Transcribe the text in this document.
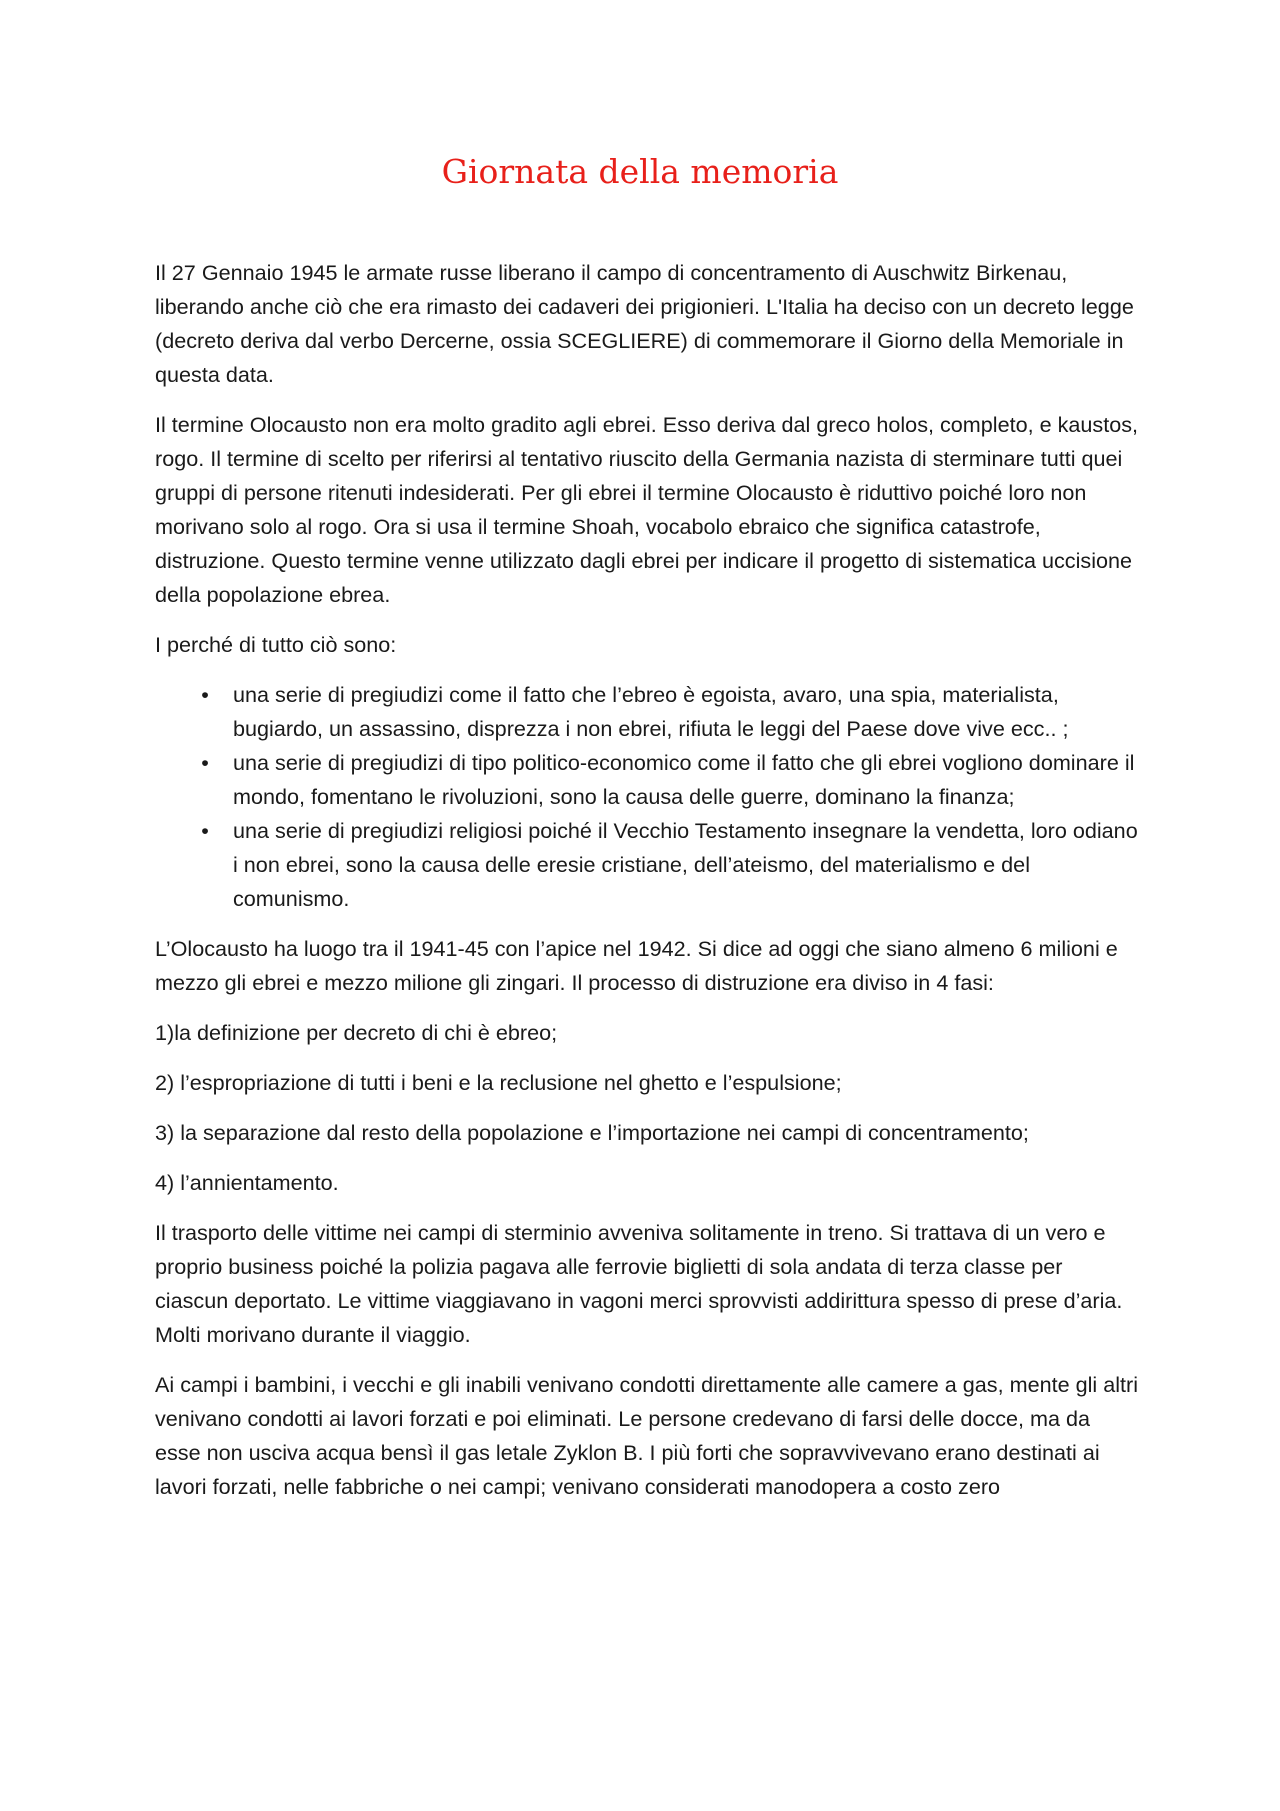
Giornata della memoria

Il 27 Gennaio 1945 le armate russe liberano il campo di concentramento di Auschwitz Birkenau, liberando anche ciò che era rimasto dei cadaveri dei prigionieri. L'Italia ha deciso con un decreto legge (decreto deriva dal verbo Dercerne, ossia SCEGLIERE) di commemorare il Giorno della Memoriale in questa data.

Il termine Olocausto non era molto gradito agli ebrei. Esso deriva dal greco holos, completo, e kaustos, rogo. Il termine di scelto per riferirsi al tentativo riuscito della Germania nazista di sterminare tutti quei gruppi di persone ritenuti indesiderati. Per gli ebrei il termine Olocausto è riduttivo poiché loro non morivano solo al rogo. Ora si usa il termine Shoah, vocabolo ebraico che significa catastrofe, distruzione. Questo termine venne utilizzato dagli ebrei per indicare il progetto di sistematica uccisione della popolazione ebrea.

I perché di tutto ciò sono:

• una serie di pregiudizi come il fatto che l’ebreo è egoista, avaro, una spia, materialista, bugiardo, un assassino, disprezza i non ebrei, rifiuta le leggi del Paese dove vive ecc.. ;
• una serie di pregiudizi di tipo politico-economico come il fatto che gli ebrei vogliono dominare il mondo, fomentano le rivoluzioni, sono la causa delle guerre, dominano la finanza;
• una serie di pregiudizi religiosi poiché il Vecchio Testamento insegnare la vendetta, loro odiano i non ebrei, sono la causa delle eresie cristiane, dell’ateismo, del materialismo e del comunismo.

L’Olocausto ha luogo tra il 1941-45 con l’apice nel 1942. Si dice ad oggi che siano almeno 6 milioni e mezzo gli ebrei e mezzo milione gli zingari. Il processo di distruzione era diviso in 4 fasi:

1)la definizione per decreto di chi è ebreo;

2) l’espropriazione di tutti i beni e la reclusione nel ghetto e l’espulsione;

3) la separazione dal resto della popolazione e l’importazione nei campi di concentramento;

4) l’annientamento.

Il trasporto delle vittime nei campi di sterminio avveniva solitamente in treno. Si trattava di un vero e proprio business poiché la polizia pagava alle ferrovie biglietti di sola andata di terza classe per ciascun deportato. Le vittime viaggiavano in vagoni merci sprovvisti addirittura spesso di prese d’aria. Molti morivano durante il viaggio.

Ai campi i bambini, i vecchi e gli inabili venivano condotti direttamente alle camere a gas, mente gli altri venivano condotti ai lavori forzati e poi eliminati. Le persone credevano di farsi delle docce, ma da esse non usciva acqua bensì il gas letale Zyklon B. I più forti che sopravvivevano erano destinati ai lavori forzati, nelle fabbriche o nei campi; venivano considerati manodopera a costo zero
